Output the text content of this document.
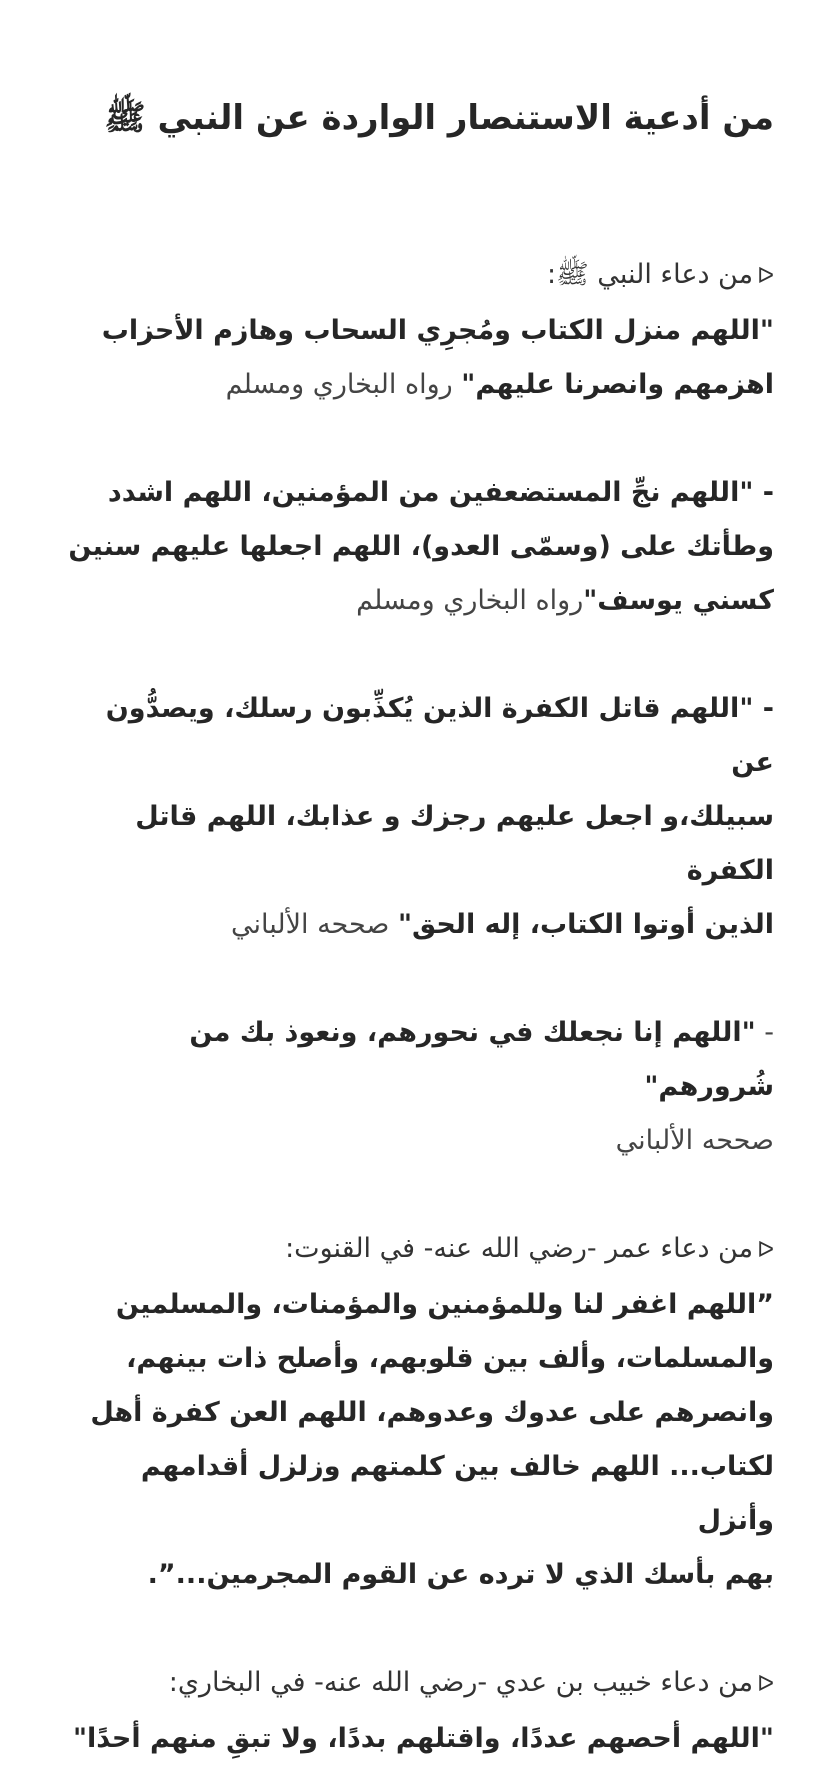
من أدعية الاستنصار الواردة عن النبي ﷺ
ᐅمن دعاء النبي ﷺ:
"اللهم منزل الكتاب ومُجرِي السحاب وهازم الأحزاب
اهزمهم وانصرنا عليهم" رواه البخاري ومسلم
- "اللهم نجِّ المستضعفين من المؤمنين، اللهم اشدد
وطأتك على (وسمّى العدو)، اللهم اجعلها عليهم سنين
كسني يوسف"رواه البخاري ومسلم
- "اللهم قاتل الكفرة الذين يُكذِّبون رسلك، ويصدُّون عن
سبيلك،و اجعل عليهم رجزك و عذابك، اللهم قاتل الكفرة
الذين أوتوا الكتاب، إله الحق" صححه الألباني
- "اللهم إنا نجعلك في نحورهم، ونعوذ بك من شُرورهم"
صححه الألباني
ᐅمن دعاء عمر -رضي الله عنه- في القنوت:
”اللهم اغفر لنا وللمؤمنين والمؤمنات، والمسلمين
والمسلمات، وألف بين قلوبهم، وأصلح ذات بينهم،
وانصرهم على عدوك وعدوهم، اللهم العن كفرة أهل
لكتاب... اللهم خالف بين كلمتهم وزلزل أقدامهم وأنزل
بهم بأسك الذي لا ترده عن القوم المجرمين...”.
ᐅمن دعاء خبيب بن عدي -رضي الله عنه- في البخاري:
"اللهم أحصهم عددًا، واقتلهم بددًا، ولا تبقِ منهم أحدًا"
